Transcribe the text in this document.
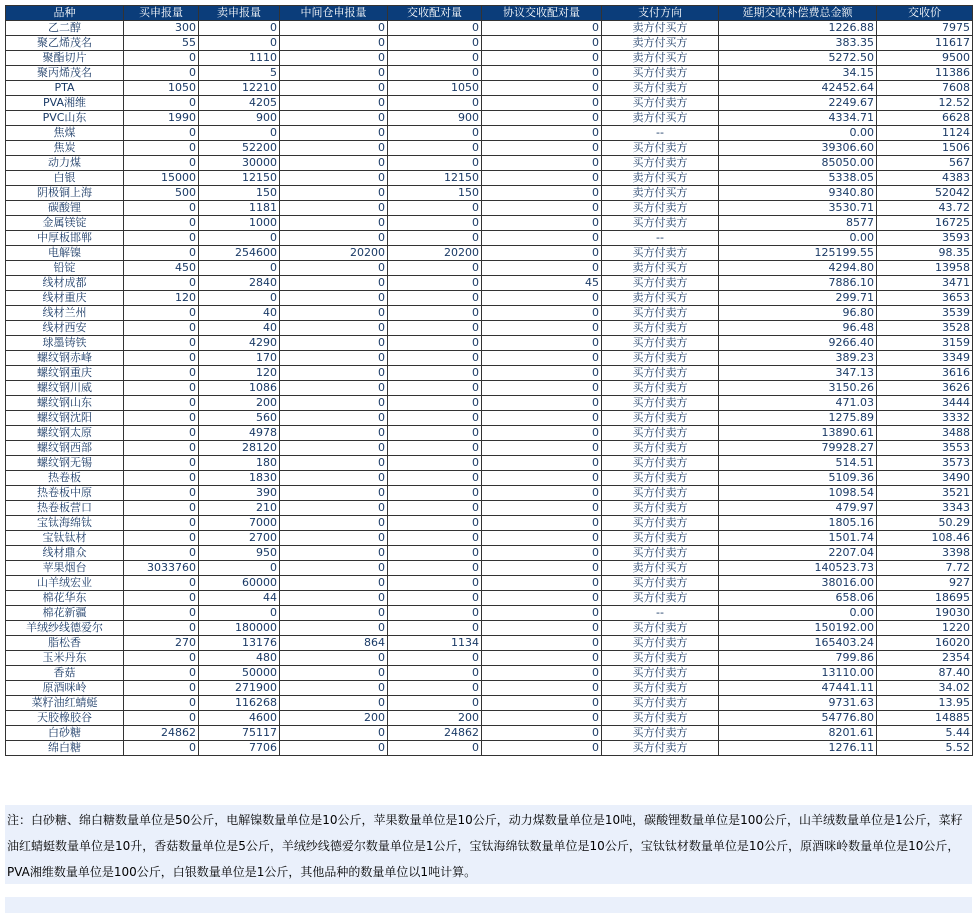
品种	买申报量	卖申报量	中间仓申报量	交收配对量	协议交收配对量	支付方向	延期交收补偿费总金额	交收价
乙二醇	300	0	0	0	0	卖方付买方	1226.88	7975
聚乙烯茂名	55	0	0	0	0	卖方付买方	383.35	11617
聚酯切片	0	1110	0	0	0	卖方付买方	5272.50	9500
聚丙烯茂名	0	5	0	0	0	买方付卖方	34.15	11386
PTA	1050	12210	0	1050	0	买方付卖方	42452.64	7608
PVA湘维	0	4205	0	0	0	买方付卖方	2249.67	12.52
PVC山东	1990	900	0	900	0	卖方付买方	4334.71	6628
焦煤	0	0	0	0	0	--	0.00	1124
焦炭	0	52200	0	0	0	买方付卖方	39306.60	1506
动力煤	0	30000	0	0	0	买方付卖方	85050.00	567
白银	15000	12150	0	12150	0	卖方付买方	5338.05	4383
阴极铜上海	500	150	0	150	0	卖方付买方	9340.80	52042
碳酸锂	0	1181	0	0	0	买方付卖方	3530.71	43.72
金属镁锭	0	1000	0	0	0	买方付卖方	8577	16725
中厚板邯郸	0	0	0	0	0	--	0.00	3593
电解镍	0	254600	20200	20200	0	买方付卖方	125199.55	98.35
铅锭	450	0	0	0	0	卖方付买方	4294.80	13958
线材成都	0	2840	0	0	45	买方付卖方	7886.10	3471
线材重庆	120	0	0	0	0	卖方付买方	299.71	3653
线材兰州	0	40	0	0	0	买方付卖方	96.80	3539
线材西安	0	40	0	0	0	买方付卖方	96.48	3528
球墨铸铁	0	4290	0	0	0	买方付卖方	9266.40	3159
螺纹钢赤峰	0	170	0	0	0	买方付卖方	389.23	3349
螺纹钢重庆	0	120	0	0	0	买方付卖方	347.13	3616
螺纹钢川威	0	1086	0	0	0	买方付卖方	3150.26	3626
螺纹钢山东	0	200	0	0	0	买方付卖方	471.03	3444
螺纹钢沈阳	0	560	0	0	0	买方付卖方	1275.89	3332
螺纹钢太原	0	4978	0	0	0	买方付卖方	13890.61	3488
螺纹钢西部	0	28120	0	0	0	买方付卖方	79928.27	3553
螺纹钢无锡	0	180	0	0	0	买方付卖方	514.51	3573
热卷板	0	1830	0	0	0	买方付卖方	5109.36	3490
热卷板中原	0	390	0	0	0	买方付卖方	1098.54	3521
热卷板营口	0	210	0	0	0	买方付卖方	479.97	3343
宝钛海绵钛	0	7000	0	0	0	买方付卖方	1805.16	50.29
宝钛钛材	0	2700	0	0	0	买方付卖方	1501.74	108.46
线材鼎众	0	950	0	0	0	买方付卖方	2207.04	3398
苹果烟台	3033760	0	0	0	0	卖方付买方	140523.73	7.72
山羊绒宏业	0	60000	0	0	0	买方付卖方	38016.00	927
棉花华东	0	44	0	0	0	买方付卖方	658.06	18695
棉花新疆	0	0	0	0	0	--	0.00	19030
羊绒纱线德爱尔	0	180000	0	0	0	买方付卖方	150192.00	1220
脂松香	270	13176	864	1134	0	买方付卖方	165403.24	16020
玉米丹东	0	480	0	0	0	买方付卖方	799.86	2354
香菇	0	50000	0	0	0	买方付卖方	13110.00	87.40
原酒咪岭	0	271900	0	0	0	买方付卖方	47441.11	34.02
菜籽油红蜻蜓	0	116268	0	0	0	买方付卖方	9731.63	13.95
天胶橡胶谷	0	4600	200	200	0	买方付卖方	54776.80	14885
白砂糖	24862	75117	0	24862	0	买方付卖方	8201.61	5.44
绵白糖	0	7706	0	0	0	买方付卖方	1276.11	5.52
注：白砂糖、绵白糖数量单位是50公斤，电解镍数量单位是10公斤，苹果数量单位是10公斤，动力煤数量单位是10吨，碳酸锂数量单位是100公斤，山羊绒数量单位是1公斤，菜籽油红蜻蜓数量单位是10升，香菇数量单位是5公斤，羊绒纱线德爱尔数量单位是1公斤，宝钛海绵钛数量单位是10公斤，宝钛钛材数量单位是10公斤，原酒咪岭数量单位是10公斤，PVA湘维数量单位是100公斤，白银数量单位是1公斤，其他品种的数量单位以1吨计算。
